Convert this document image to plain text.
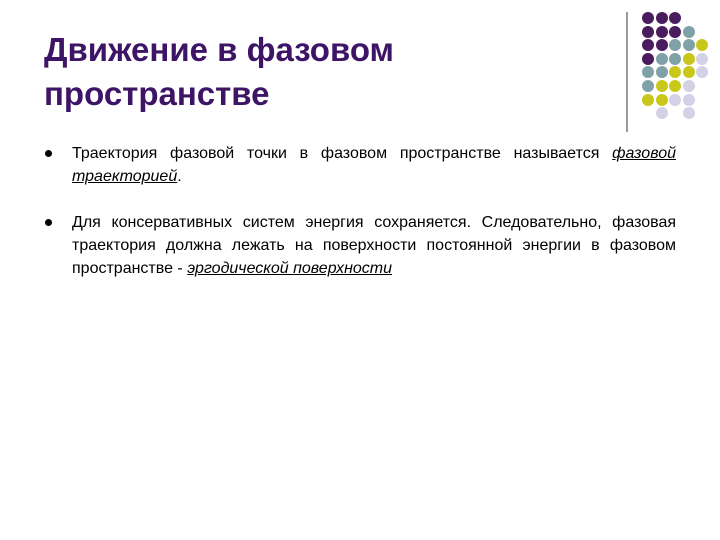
Движение в фазовом пространстве
Траектория фазовой точки в фазовом пространстве называется фазовой траекторией.
Для консервативных систем энергия сохраняется. Следовательно, фазовая траектория должна лежать на поверхности постоянной энергии в фазовом пространстве - эргодической поверхности
